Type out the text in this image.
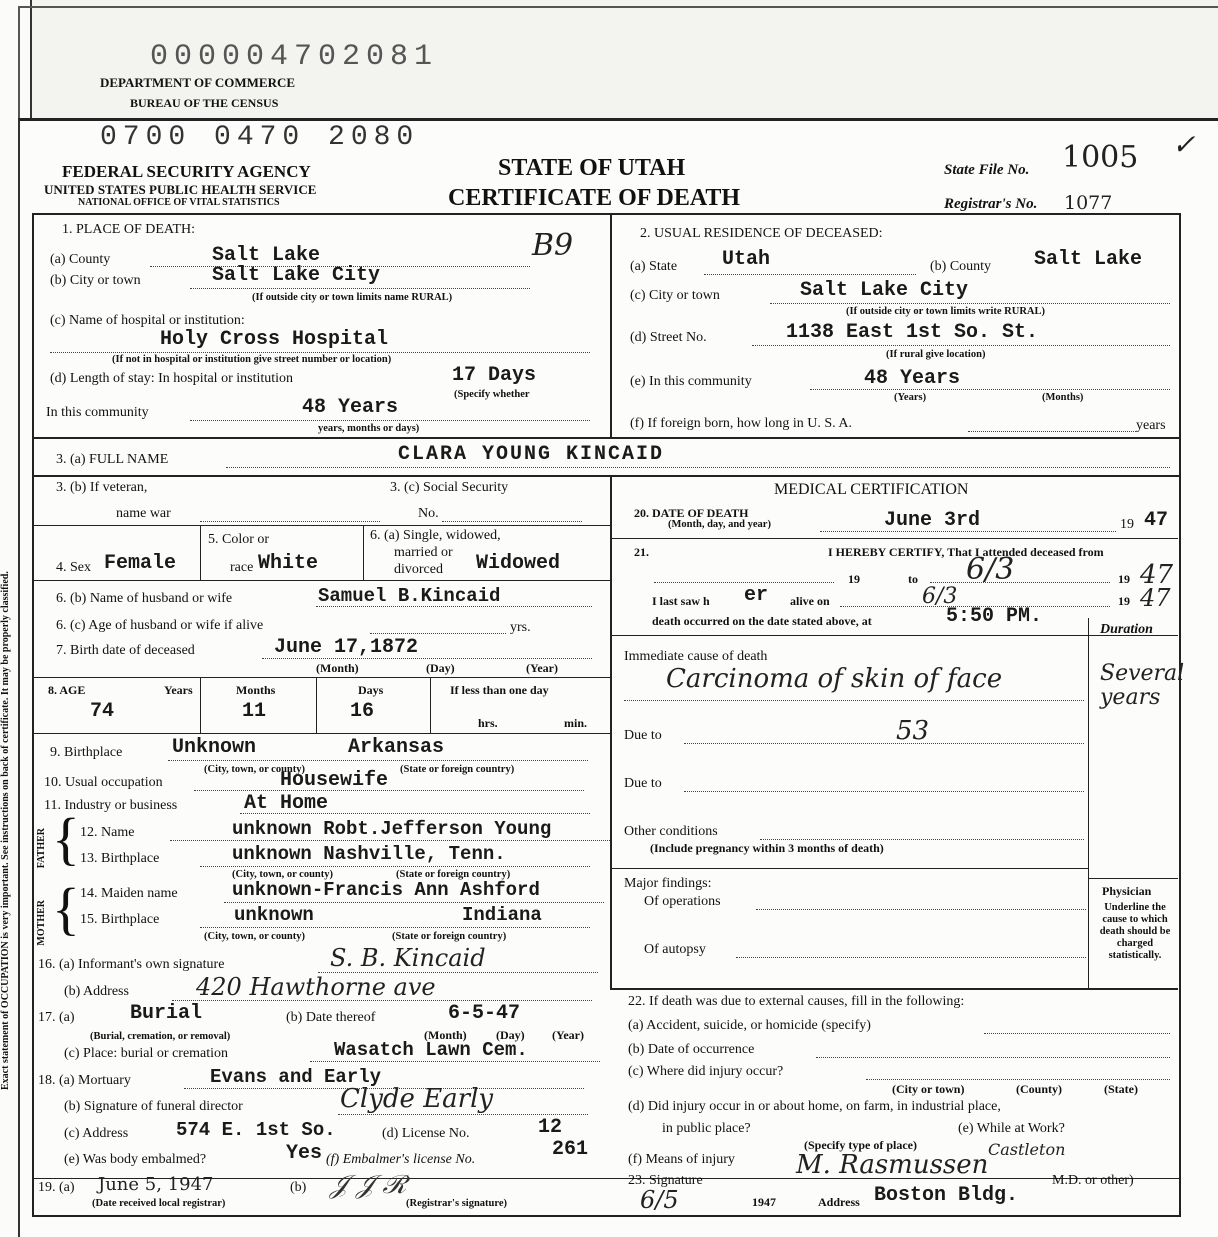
000004702081
DEPARTMENT OF COMMERCE
BUREAU OF THE CENSUS
Exact statement of OCCUPATION is very important. See instructions on back of certificate. It may be properly classified.
0700 0470 2080
FEDERAL SECURITY AGENCY
UNITED STATES PUBLIC HEALTH SERVICE
NATIONAL OFFICE OF VITAL STATISTICS
STATE OF UTAH
CERTIFICATE OF DEATH
State File No. 1005 ✓
Registrar's No. 1077
1. PLACE OF DEATH:
(a) County	Salt Lake	B9
(b) City or town	Salt Lake City
(If outside city or town limits name RURAL)
(c) Name of hospital or institution:
Holy Cross Hospital
(If not in hospital or institution give street number or location)
(d) Length of stay: In hospital or institution	17 Days
(Specify whether
In this community	48 Years
years, months or days)
2. USUAL RESIDENCE OF DECEASED:
(a) State Utah	(b) County Salt Lake
(c) City or town	Salt Lake City
(If outside city or town limits write RURAL)
(d) Street No.	1138 East 1st So. St.
(If rural give location)
(e) In this community	48 Years
(Years)	(Months)
(f) If foreign born, how long in U. S. A.	years
3. (a) FULL NAME	CLARA YOUNG KINCAID
3. (b) If veteran,
name war
3. (c) Social Security
No.
4. Sex Female
5. Color or
race White
6. (a) Single, widowed,
married or
divorced Widowed
6. (b) Name of husband or wife	Samuel B.Kincaid
6. (c) Age of husband or wife if alive	yrs.
7. Birth date of deceased	June 17,1872
(Month)	(Day)	(Year)
8. AGE	Years	Months	Days	If less than one day
74	11	16	hrs.	min.
9. Birthplace Unknown	Arkansas
(City, town, or county)	(State or foreign country)
10. Usual occupation	Housewife
11. Industry or business	At Home
FATHER
MOTHER
{
{
12. Name	unknown Robt.Jefferson Young
13. Birthplace	unknown Nashville, Tenn.
(City, town, or county)	(State or foreign country)
14. Maiden name	unknown-Francis Ann Ashford
15. Birthplace	unknown	Indiana
(City, town, or county)	(State or foreign country)
16. (a) Informant's own signature	S. B. Kincaid
(b) Address	420 Hawthorne ave
17. (a)	Burial
(Burial, cremation, or removal)
(b) Date thereof	6-5-47
(Month) (Day) (Year)
(c) Place: burial or cremation	Wasatch Lawn Cem.
18. (a) Mortuary	Evans and Early
(b) Signature of funeral director	Clyde Early
(c) Address	574 E. 1st So.	(d) License No.	12
(e) Was body embalmed?	Yes (f) Embalmer's license No.	261
19. (a) June 5, 1947
(Date received local registrar)
(b) 𝒥 𝒥 ℛ
(Registrar's signature)
MEDICAL CERTIFICATION
20. DATE OF DEATH
(Month, day, and year)	June 3rd	19 47
21.	I HEREBY CERTIFY, That I attended deceased from
19	to 6/3	19 47
I last saw h er alive on	6/3	19 47
death occurred on the date stated above, at	5:50 PM.
Duration
Immediate cause of death
Carcinoma of skin of face	Several years
Due to	53
Due to
Other conditions
(Include pregnancy within 3 months of death)
Major findings:
Of operations
Of autopsy
Physician
Underline the cause to which death should be charged statistically.
22. If death was due to external causes, fill in the following:
(a) Accident, suicide, or homicide (specify)
(b) Date of occurrence
(c) Where did injury occur?
(City or town)	(County)	(State)
(d) Did injury occur in or about home, on farm, in industrial place,
in public place?
(Specify type of place)
(e) While at Work?
(f) Means of injury
Castleton
23. Signature
M. Rasmussen
M.D. or other)
6/5	1947	Address Boston Bldg.
